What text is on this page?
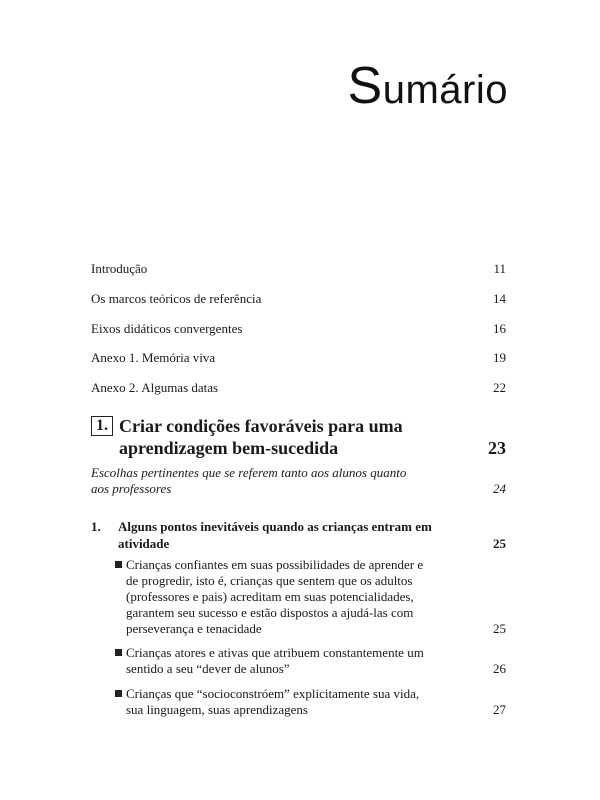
Sumário
Introdução	11
Os marcos teóricos de referência	14
Eixos didáticos convergentes	16
Anexo 1. Memória viva	19
Anexo 2. Algumas datas	22
1. Criar condições favoráveis para uma aprendizagem bem-sucedida	23
Escolhas pertinentes que se referem tanto aos alunos quanto aos professores	24
1. Alguns pontos inevitáveis quando as crianças entram em atividade	25
Crianças confiantes em suas possibilidades de aprender e de progredir, isto é, crianças que sentem que os adultos (professores e pais) acreditam em suas potencialidades, garantem seu sucesso e estão dispostos a ajudá-las com perseverança e tenacidade	25
Crianças atores e ativas que atribuem constantemente um sentido a seu “dever de alunos”	26
Crianças que “socioconstróem” explicitamente sua vida, sua linguagem, suas aprendizagens	27
